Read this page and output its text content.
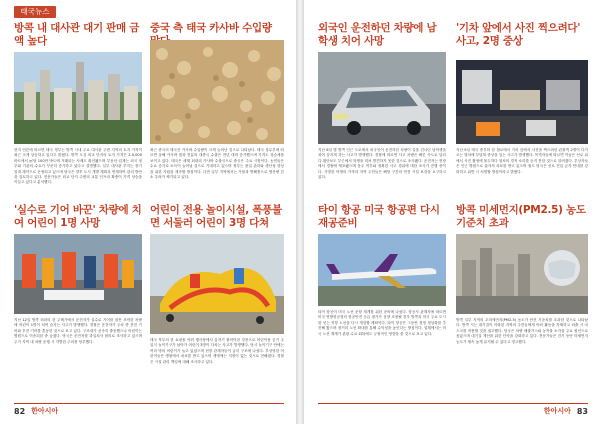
태국뉴스
방콕 내 대사관 대기 판매 금액 높다
현지 언론에 따르면 태국 정부는 방콕 시내 주요 대사관 주변 지역의 토지 가격이 최근 크게 상승하고 있다고 밝혔다. 방콕 도심 외교 단지의 토지 가격은 2.0,000바트에서 ㎡당 100만 바트에 거래되는 사례도 확인됐으며 부동산 업계는 외국 정부와 기관의 수요가 꾸준히 증가하고 있다고 설명했다. 일부 대사관 부지는 장기 임대 계약으로 운영되고 있으며 당국은 향후 도시 개발 계획과 연계하여 관리 방안을 검토하고 있다. 전문가들은 외교 단지 주변의 교통 인프라 확충이 가격 상승을 이끌고 있다고 분석했다.
중국 측 태국 카사바 수입량
최근 중국의 태국산 카사바 수입량이 크게 늘어난 것으로 나타났다. 태국 상무부에 따르면 올해 카사바 칩과 전분의 대중국 수출은 전년 대비 증가했으며 가격도 상승세를 보이고 있다. 태국은 세계 최대의 카사바 수출국으로 중국은 주요 시장이다. 농민들은 수요 증가로 소득이 늘어날 것으로 기대하고 있으며 정부는 품질 관리와 생산성 향상을 위한 지원을 계속할 방침이다. 다만 일부 지역에서는 가뭄과 병해충으로 생산량 감소 우려가 제기되고 있다.
'실수로 기어 바꾼' 차량에 치여 어린이 1명 사망
지난 12일 방콕 외곽의 한 주택가에서 운전자가 실수로 기어를 잘못 조작한 차량에 어린이 1명이 치여 숨지는 사고가 발생했다. 경찰은 운전자가 주차 중 전진 기어와 후진 기어를 혼동한 것으로 보고 있다. 구조대가 신속히 출동했으나 어린이는 병원으로 이송되던 중 숨졌다. 당국은 운전자를 과실치사 혐의로 조사하고 있으며 주거 지역 내 차량 운행 시 각별한 주의를 당부했다.
어린이 전용 놀이시설, 폭풍불면 서둘러 어린이 3명 다쳐
태국 북부의 한 쇼핑몰 야외 행사장에서 갑자기 불어닥친 강풍으로 어린이용 공기 주입식 놀이기구가 날아가 어린이 3명이 다치는 사고가 발생했다. 당시 놀이기구 안에는 여러 명의 어린이가 놀고 있었으며 현장 관계자들이 급히 구조에 나섰다. 부상당한 어린이들은 병원에서 치료를 받고 있으며 생명에는 지장이 없는 것으로 전해졌다. 경찰은 시설 관리 책임에 대해 조사하고 있다.
82 한아시아
외국인 운전하던 차량에 남학생 치어 사망
지난 6일 밤 방콕 인근 도로에서 외국인이 운전하던 차량이 길을 건너던 남학생을 치어 숨지게 하는 사고가 발생했다. 경찰에 따르면 사고 차량은 빠른 속도로 달리다 횡단보도 부근에서 학생을 미처 발견하지 못한 것으로 조사됐다. 운전자는 현장에서 경찰에 체포됐으며 음주 여부와 정확한 사고 경위에 대한 조사가 진행 중이다. 사망한 학생의 가족과 지역 주민들은 해당 구간의 안전 시설 보강을 요구하고 있다.
'기차 앞에서 사진 찍으려다' 사고, 2명 중상
지난 9일 태국 중부의 한 철로에서 기차 앞에서 사진을 찍으려던 관광객 2명이 다가오는 열차에 부딪혀 중상을 입는 사고가 발생했다. 목격자들에 따르면 이들은 선로 위에서 사진 촬영에 몰두하다 열차의 경적 소리를 듣지 못한 것으로 알려졌다. 부상자들은 인근 병원으로 옮겨져 치료를 받고 있으며 철도 당국은 선로 진입 금지 안내를 강화하고 위반 시 처벌할 방침이라고 밝혔다.
타이 항공 미국 항공편 다시 재공준비
타이 항공이 미국 노선 운항 재개를 위한 준비에 나섰다. 항공사 관계자에 따르면 미국 연방항공청의 항공안전 등급 평가가 상향 조정될 경우 방콕과 미국 주요 도시를 잇는 직항 노선을 다시 개설할 계획이다. 타이 항공은 그동안 경영 정상화를 추진해 왔으며 장거리 노선 확대를 통해 수익성을 높인다는 방침이다. 업계에서는 미국 노선 재개가 관광 수요 회복에도 긍정적인 영향을 줄 것으로 보고 있다.
방콕 미세먼지(PM2.5) 농도 기준치 초과
방콕 일부 지역의 초미세먼지(PM2.5) 농도가 안전 기준치를 초과한 것으로 나타났다. 방콕 시는 대기질이 악화된 지역의 주민들에게 야외 활동을 자제하고 외출 시 마스크를 착용할 것을 권고했다. 당국은 차량 배출가스와 농작물 소각을 주요 원인으로 꼽았으며 대기질 개선을 위한 단속을 강화하고 있다. 전문가들은 건기 동안 미세먼지 농도가 계속 높게 유지될 수 있다고 경고했다.
한아시아 83
